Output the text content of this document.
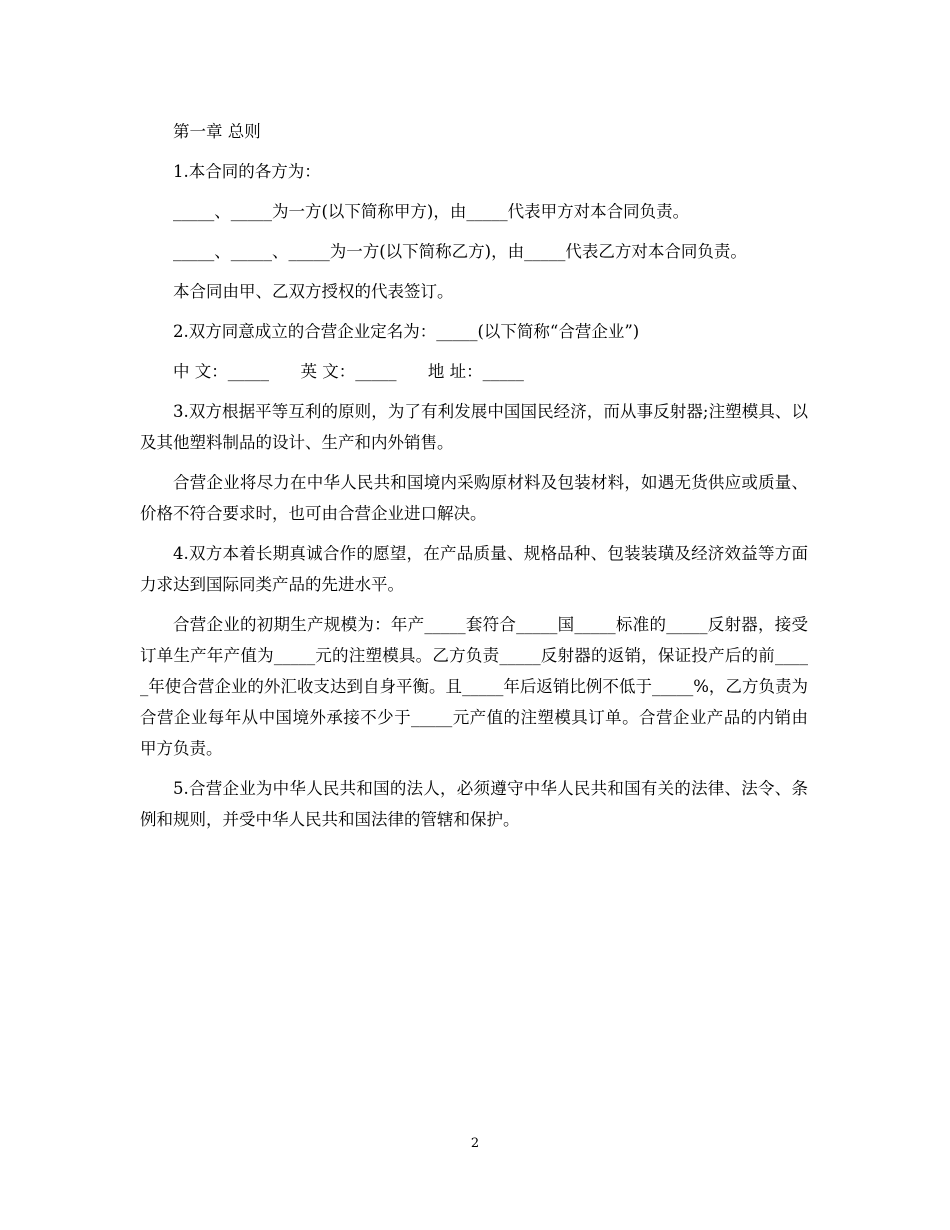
第一章 总则

1.本合同的各方为：

_____、_____为一方(以下简称甲方)，由_____代表甲方对本合同负责。

_____、_____、_____为一方(以下简称乙方)，由_____代表乙方对本合同负责。

本合同由甲、乙双方授权的代表签订。

2.双方同意成立的合营企业定名为：_____(以下简称“合营企业”)

中 文：_____      英 文：_____      地 址：_____

3.双方根据平等互利的原则，为了有利发展中国国民经济，而从事反射器;注塑模具、以及其他塑料制品的设计、生产和内外销售。

合营企业将尽力在中华人民共和国境内采购原材料及包装材料，如遇无货供应或质量、价格不符合要求时，也可由合营企业进口解决。

4.双方本着长期真诚合作的愿望，在产品质量、规格品种、包装装璜及经济效益等方面力求达到国际同类产品的先进水平。

合营企业的初期生产规模为：年产_____套符合_____国_____标准的_____反射器，接受订单生产年产值为_____元的注塑模具。乙方负责_____反射器的返销，保证投产后的前_____年使合营企业的外汇收支达到自身平衡。且_____年后返销比例不低于_____%，乙方负责为合营企业每年从中国境外承接不少于_____元产值的注塑模具订单。合营企业产品的内销由甲方负责。

5.合营企业为中华人民共和国的法人，必须遵守中华人民共和国有关的法律、法令、条例和规则，并受中华人民共和国法律的管辖和保护。

2
